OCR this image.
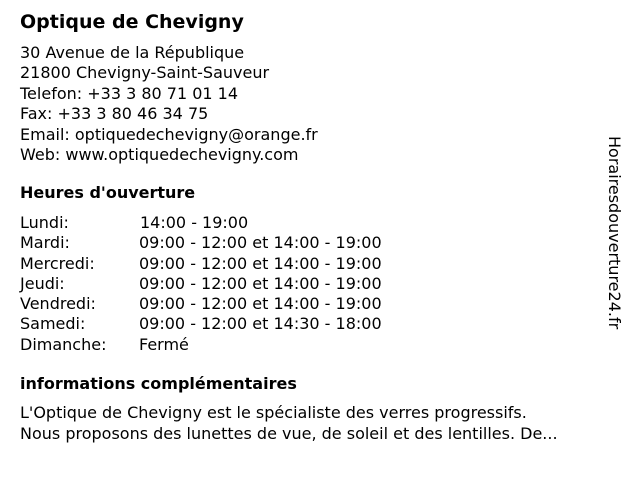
Optique de Chevigny
30 Avenue de la République
21800 Chevigny-Saint-Sauveur
Telefon: +33 3 80 71 01 14
Fax: +33 3 80 46 34 75
Email: optiquedechevigny@orange.fr
Web: www.optiquedechevigny.com
Heures d'ouverture
Lundi:	14:00 - 19:00
Mardi:	09:00 - 12:00 et 14:00 - 19:00
Mercredi:	09:00 - 12:00 et 14:00 - 19:00
Jeudi:	09:00 - 12:00 et 14:00 - 19:00
Vendredi:	09:00 - 12:00 et 14:00 - 19:00
Samedi:	09:00 - 12:00 et 14:30 - 18:00
Dimanche: Fermé
informations complémentaires
L'Optique de Chevigny est le spécialiste des verres progressifs.
Nous proposons des lunettes de vue, de soleil et des lentilles. De...
Horairesdouverture24.fr
